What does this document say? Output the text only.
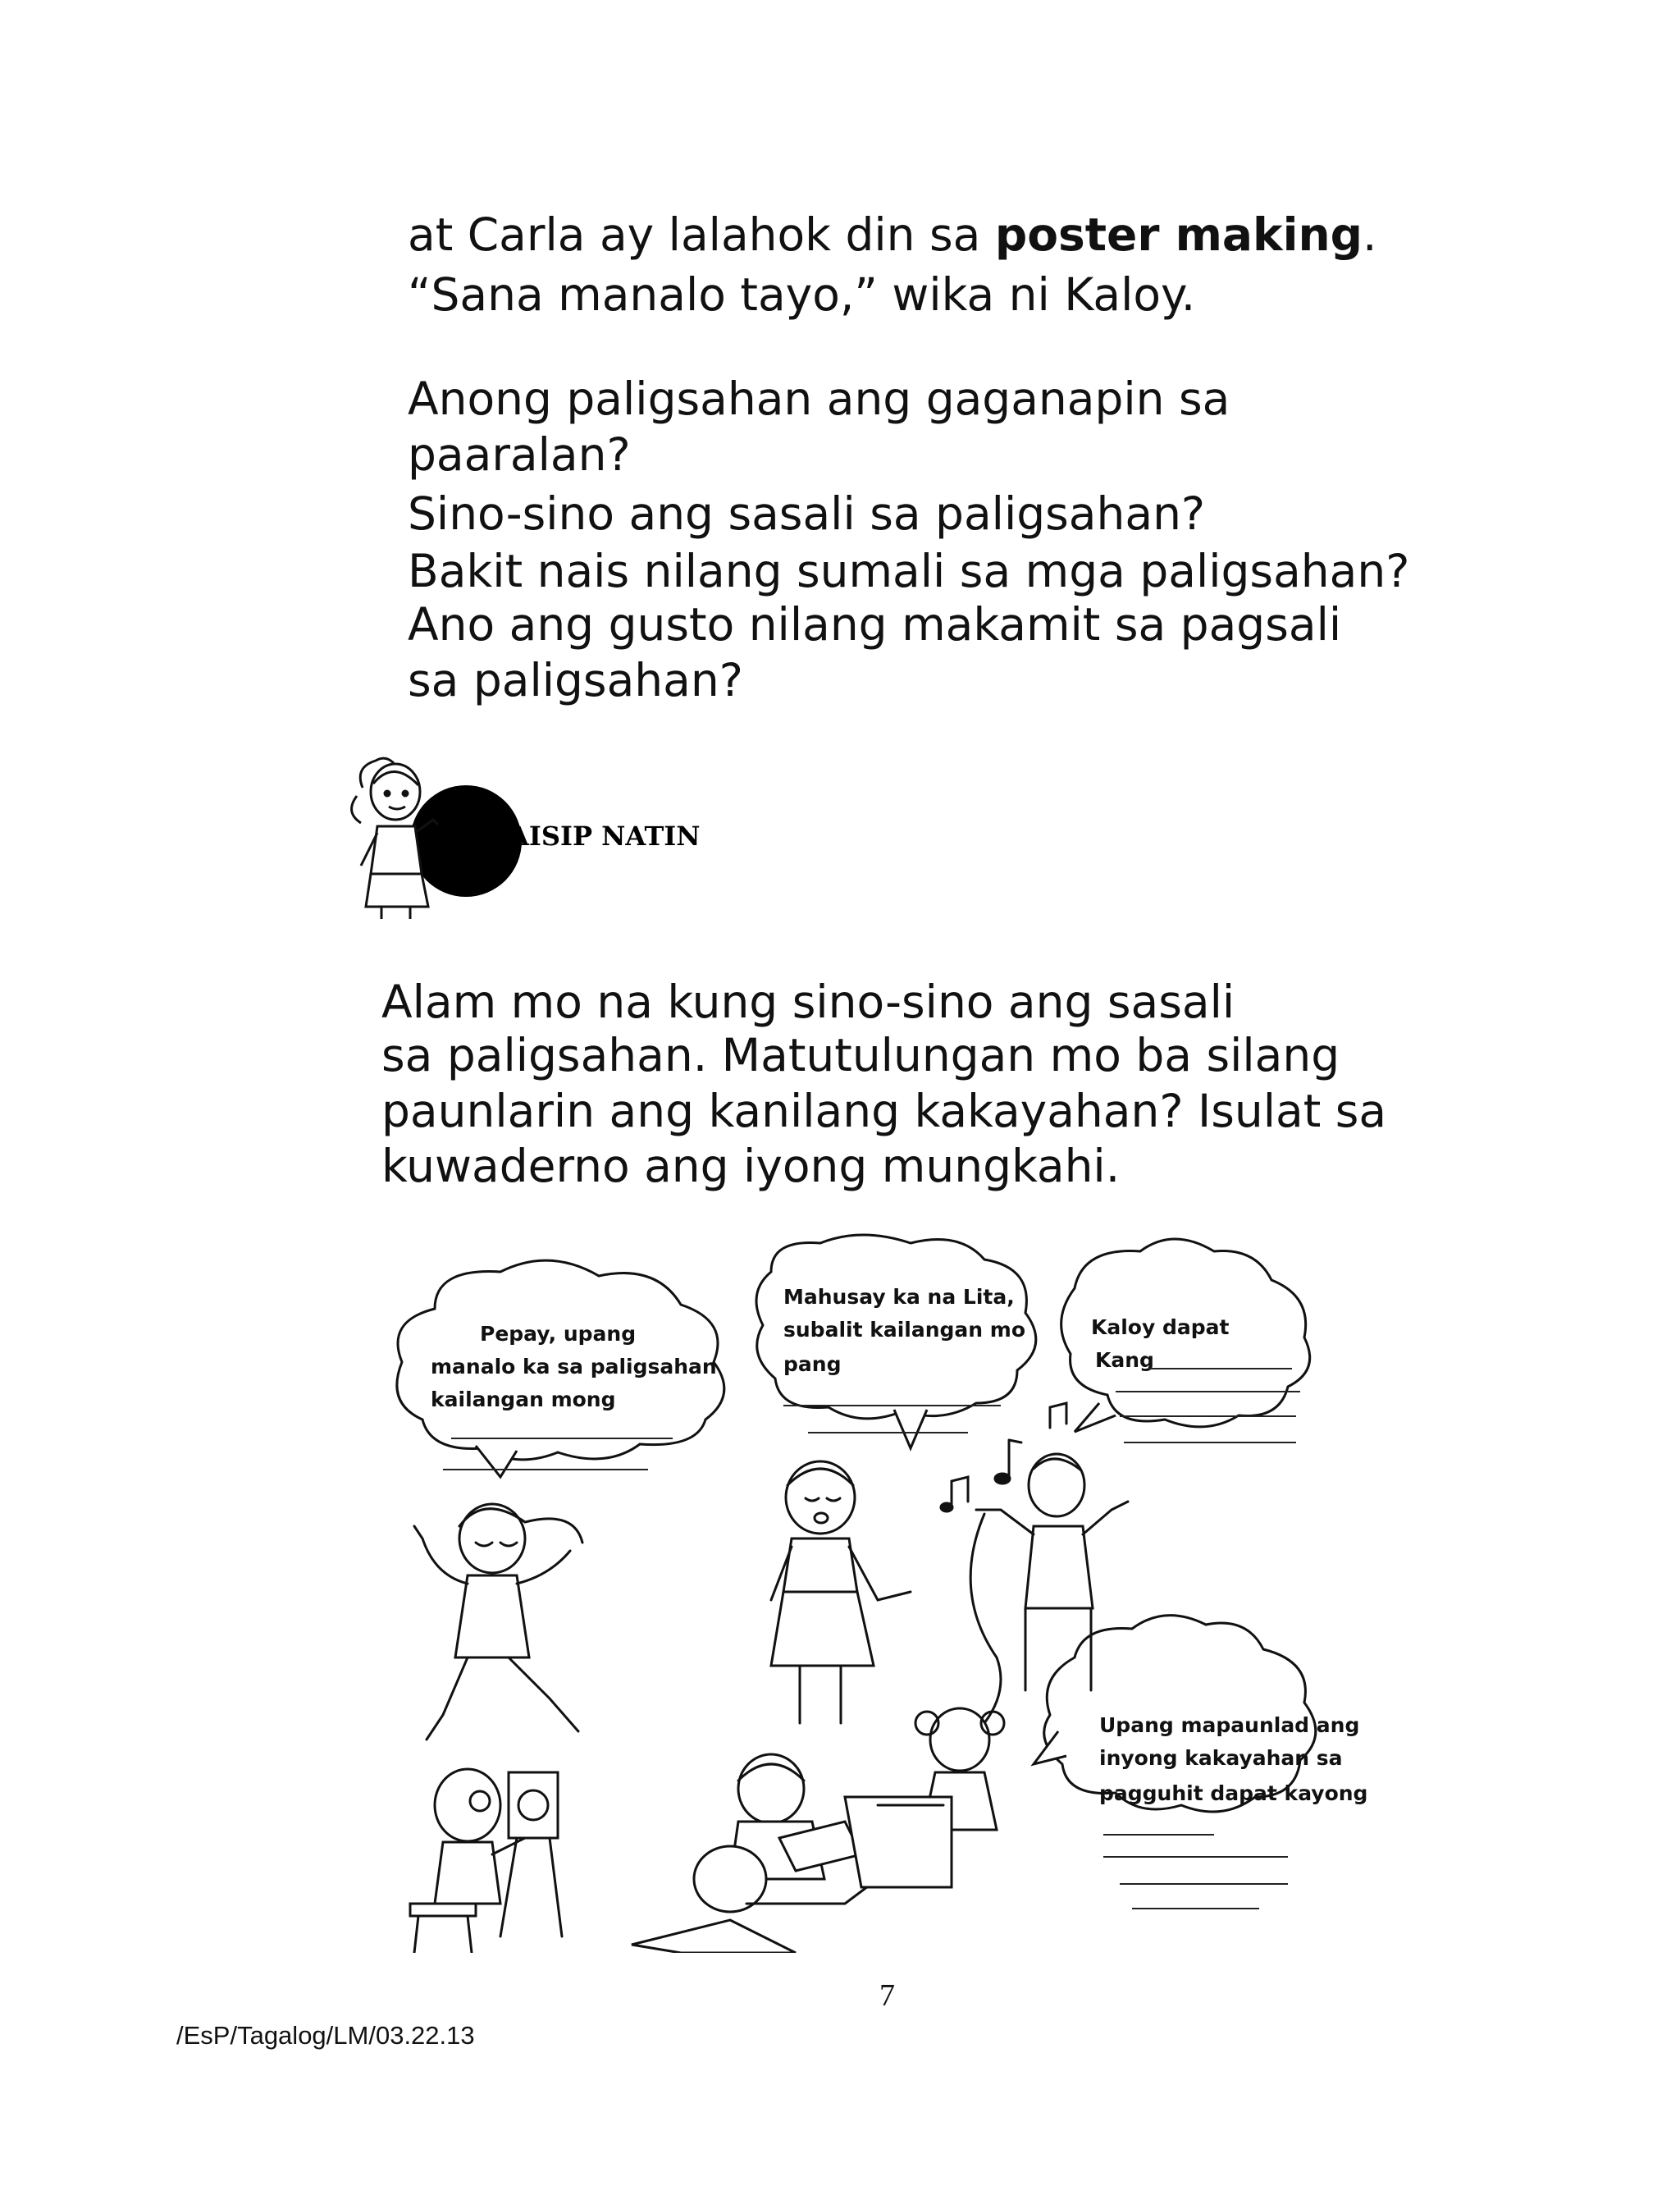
at Carla ay lalahok din sa poster making.
“Sana manalo tayo,” wika ni Kaloy.
Anong paligsahan ang gaganapin sa
paaralan?
Sino-sino ang sasali sa paligsahan?
Bakit nais nilang sumali sa mga paligsahan?
Ano ang gusto nilang makamit sa pagsali
sa paligsahan?
ISAISIP NATIN
Alam mo na kung sino-sino ang sasali
sa paligsahan. Matutulungan mo ba silang
paunlarin ang kanilang kakayahan? Isulat sa
kuwaderno ang iyong mungkahi.
Pepay, upang
manalo ka sa paligsahan
kailangan mong
Mahusay ka na Lita,
subalit kailangan mo
pang
Kaloy dapat
Kang
Upang mapaunlad ang
inyong kakayahan sa
pagguhit dapat kayong
7
/EsP/Tagalog/LM/03.22.13
